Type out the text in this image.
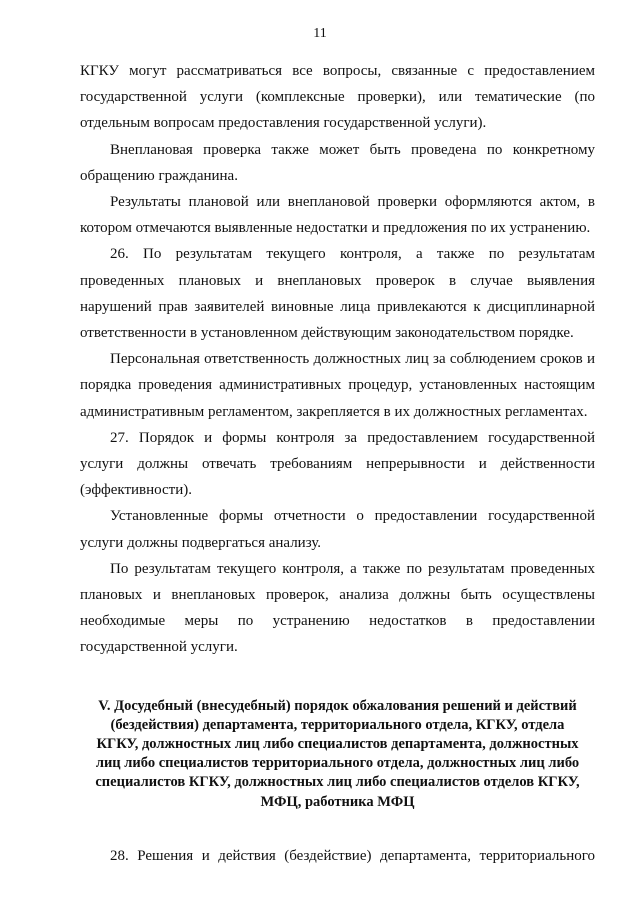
11

КГКУ могут рассматриваться все вопросы, связанные с предоставлением государственной услуги (комплексные проверки), или тематические (по отдельным вопросам предоставления государственной услуги).

Внеплановая проверка также может быть проведена по конкретному обращению гражданина.

Результаты плановой или внеплановой проверки оформляются актом, в котором отмечаются выявленные недостатки и предложения по их устранению.

26. По результатам текущего контроля, а также по результатам проведенных плановых и внеплановых проверок в случае выявления нарушений прав заявителей виновные лица привлекаются к дисциплинарной ответственности в установленном действующим законодательством порядке.

Персональная ответственность должностных лиц за соблюдением сроков и порядка проведения административных процедур, установленных настоящим административным регламентом, закрепляется в их должностных регламентах.

27. Порядок и формы контроля за предоставлением государственной услуги должны отвечать требованиям непрерывности и действенности (эффективности).

Установленные формы отчетности о предоставлении государственной услуги должны подвергаться анализу.

По результатам текущего контроля, а также по результатам проведенных плановых и внеплановых проверок, анализа должны быть осуществлены необходимые меры по устранению недостатков в предоставлении государственной услуги.

V. Досудебный (внесудебный) порядок обжалования решений и действий (бездействия) департамента, территориального отдела, КГКУ, отдела КГКУ, должностных лиц либо специалистов департамента, должностных лиц либо специалистов территориального отдела, должностных лиц либо специалистов КГКУ, должностных лиц либо специалистов отделов КГКУ, МФЦ, работника МФЦ

28. Решения и действия (бездействие) департамента, территориального
